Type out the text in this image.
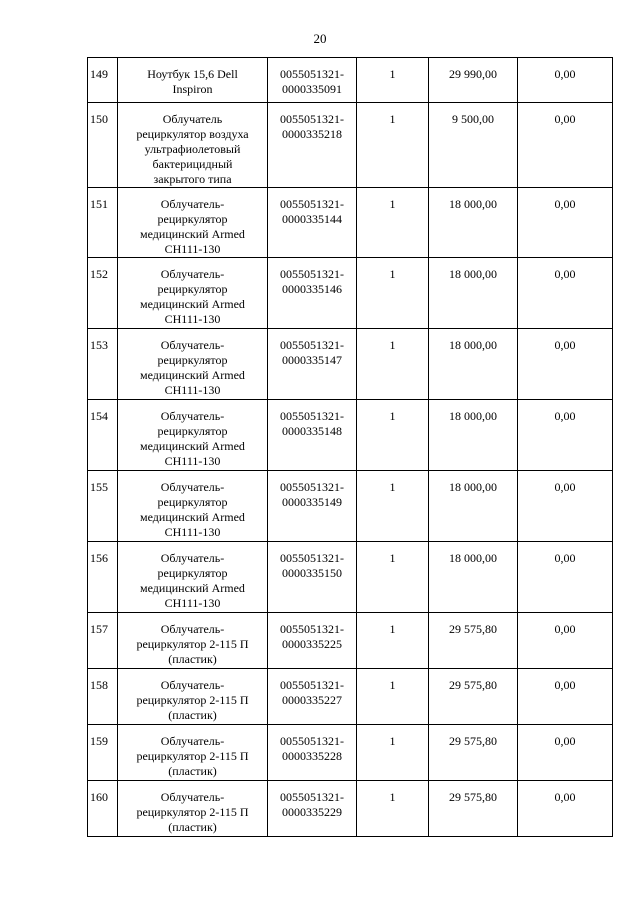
20
149	Ноутбук 15,6 Dell
Inspiron	0055051321-
0000335091	1	29 990,00	0,00
150	Облучатель
рециркулятор воздуха
ультрафиолетовый
бактерицидный
закрытого типа	0055051321-
0000335218	1	9 500,00	0,00
151	Облучатель-
рециркулятор
медицинский Armed
СН111-130	0055051321-
0000335144	1	18 000,00	0,00
152	Облучатель-
рециркулятор
медицинский Armed
СН111-130	0055051321-
0000335146	1	18 000,00	0,00
153	Облучатель-
рециркулятор
медицинский Armed
СН111-130	0055051321-
0000335147	1	18 000,00	0,00
154	Облучатель-
рециркулятор
медицинский Armed
СН111-130	0055051321-
0000335148	1	18 000,00	0,00
155	Облучатель-
рециркулятор
медицинский Armed
СН111-130	0055051321-
0000335149	1	18 000,00	0,00
156	Облучатель-
рециркулятор
медицинский Armed
СН111-130	0055051321-
0000335150	1	18 000,00	0,00
157	Облучатель-
рециркулятор 2-115 П
(пластик)	0055051321-
0000335225	1	29 575,80	0,00
158	Облучатель-
рециркулятор 2-115 П
(пластик)	0055051321-
0000335227	1	29 575,80	0,00
159	Облучатель-
рециркулятор 2-115 П
(пластик)	0055051321-
0000335228	1	29 575,80	0,00
160	Облучатель-
рециркулятор 2-115 П
(пластик)	0055051321-
0000335229	1	29 575,80	0,00
